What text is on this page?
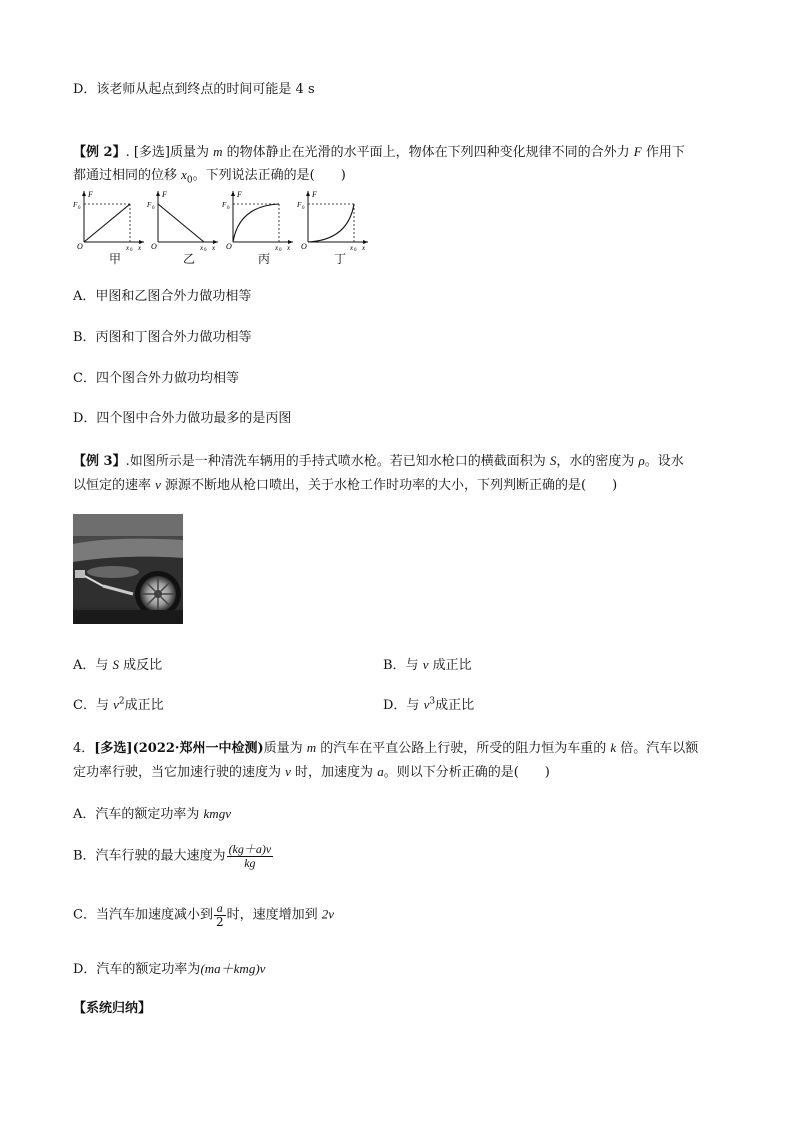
D．该老师从起点到终点的时间可能是 4 s
【例 2】. [多选]质量为 m 的物体静止在光滑的水平面上，物体在下列四种变化规律不同的合外力 F 作用下
都通过相同的位移 $x_0$。下列说法正确的是(　　)
F
F 0
O	x 0 x
F
F 0
O	x 0 x
F
F 0
O	x 0 x
F
F 0
O	x 0 x
甲	乙	丙	丁
A．甲图和乙图合外力做功相等
B．丙图和丁图合外力做功相等
C．四个图合外力做功均相等
D．四个图中合外力做功最多的是丙图
【例 3】.如图所示是一种清洗车辆用的手持式喷水枪。若已知水枪口的横截面积为 S，水的密度为 ρ。设水
以恒定的速率 v 源源不断地从枪口喷出，关于水枪工作时功率的大小，下列判断正确的是(　　)
A．与 S 成反比	B．与 v 成正比
C．与 $v^2$成正比	D．与 $v^3$成正比
4．[多选](2022·郑州一中检测)质量为 m 的汽车在平直公路上行驶，所受的阻力恒为车重的 k 倍。汽车以额
定功率行驶，当它加速行驶的速度为 v 时，加速度为 a。则以下分析正确的是(　　)
A．汽车的额定功率为 kmgv
B．汽车行驶的最大速度为 $\frac{(kg+a)v}{kg}$
C．当汽车加速度减小到 $\frac{a}{2}$ 时，速度增加到 2v
D．汽车的额定功率为(ma＋kmg)v
【系统归纳】
